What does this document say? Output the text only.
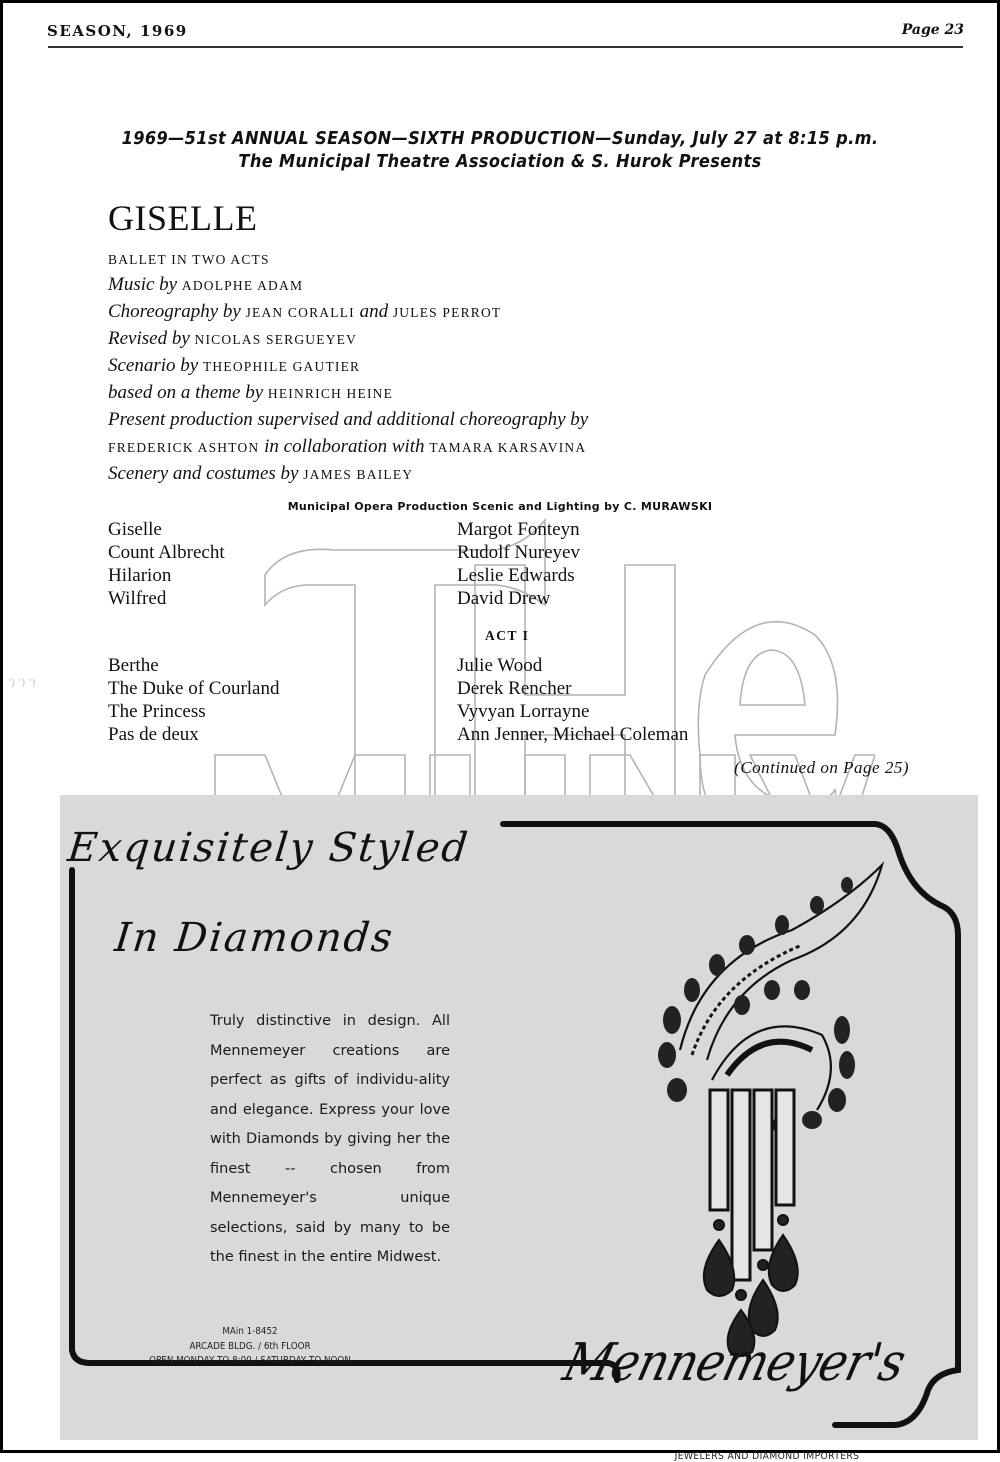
SEASON, 1969	Page 23
1969—51st ANNUAL SEASON—SIXTH PRODUCTION—Sunday, July 27 at 8:15 p.m.
The Municipal Theatre Association & S. Hurok Presents
GISELLE
BALLET IN TWO ACTS
Music by ADOLPHE ADAM
Choreography by JEAN CORALLI and JULES PERROT
Revised by NICOLAS SERGUEYEV
Scenario by THEOPHILE GAUTIER
based on a theme by HEINRICH HEINE
Present production supervised and additional choreography by
FREDERICK ASHTON in collaboration with TAMARA KARSAVINA
Scenery and costumes by JAMES BAILEY
Municipal Opera Production Scenic and Lighting by C. MURAWSKI
Giselle	Margot Fonteyn
Count Albrecht	Rudolf Nureyev
Hilarion	Leslie Edwards
Wilfred	David Drew
ACT I
Berthe	Julie Wood
The Duke of Courland	Derek Rencher
The Princess	Vyvyan Lorrayne
Pas de deux	Ann Jenner, Michael Coleman
(Continued on Page 25)
ʼ) ʼ) ʼ)
Exquisitely Styled
In Diamonds
Truly distinctive in design. All Mennemeyer creations are perfect as gifts of individu-ality and elegance. Express your love with Diamonds by giving her the finest -- chosen from Mennemeyer's unique selections, said by many to be the finest in the entire Midwest.
MAin 1-8452
ARCADE BLDG. / 6th FLOOR
OPEN MONDAY TO 8:00 / SATURDAY TO NOON	Mennemeyer's
JEWELERS AND DIAMOND IMPORTERS
